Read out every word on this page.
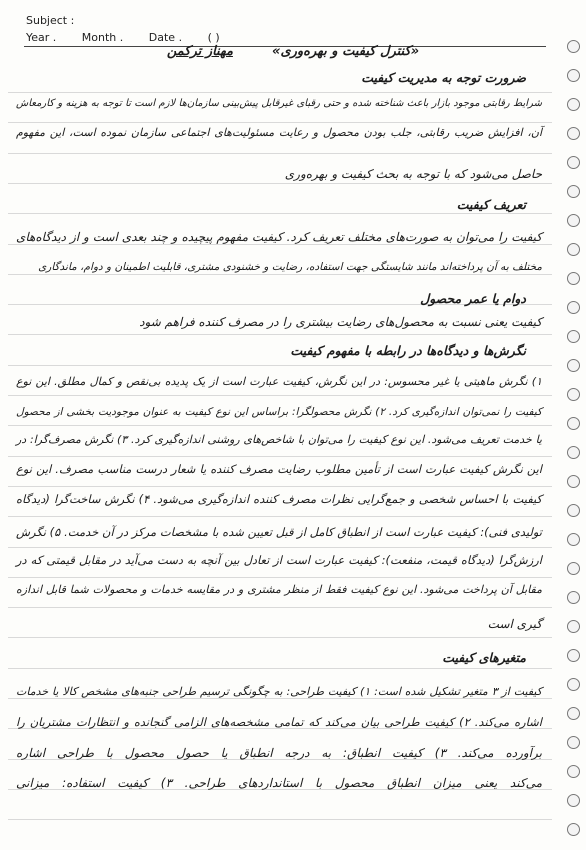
Subject :
Year . Month . Date . ( )
«کنترل کیفیت و بهره‌وری»  مهناز ترکمن
ضرورت توجه به مدیریت کیفیت
شرایط رقابتی موجود بازار باعث شناخته شده و حتی رقبای غیرقابل پیش‌بینی سازمان‌ها لازم است تا توجه به هزینه و کارمعاش
آن، افزایش ضریب رقابتی، جلب بودن محصول و رعایت مسئولیت‌های اجتماعی سازمان نموده است، این مفهوم
حاصل می‌شود که با توجه به بحث کیفیت و بهره‌وری
تعریف کیفیت
کیفیت را می‌توان به صورت‌های مختلف تعریف کرد. کیفیت مفهوم پیچیده و چند بعدی است و از دیدگاه‌های
مختلف به آن پرداخته‌اند مانند شایستگی جهت استفاده، رضایت و خشنودی مشتری، قابلیت اطمینان و دوام، ماندگاری
دوام یا عمر محصول
کیفیت یعنی نسبت به محصول‌های رضایت بیشتری را در مصرف کننده فراهم شود
نگرش‌ها و دیدگاه‌ها در رابطه با مفهوم کیفیت
۱) نگرش ماهیتی یا غیر محسوس: در این نگرش، کیفیت عبارت است از یک پدیده بی‌نقص و کمال مطلق. این نوع
کیفیت را نمی‌توان اندازه‌گیری کرد. ۲) نگرش محصولگرا: براساس این نوع کیفیت به عنوان موجودیت بخشی از محصول
یا خدمت تعریف می‌شود. این نوع کیفیت را می‌توان با شاخص‌های روشنی اندازه‌گیری کرد. ۳) نگرش مصرف‌گرا: در
این نگرش کیفیت عبارت است از تأمین مطلوب رضایت مصرف کننده یا شعار درست مناسب مصرف. این نوع
کیفیت با احساس شخصی و جمع‌گرایی نظرات مصرف کننده اندازه‌گیری می‌شود. ۴) نگرش ساخت‌گرا (دیدگاه
تولیدی فنی): کیفیت عبارت است از انطباق کامل از قبل تعیین شده با مشخصات مرکز در آن خدمت. ۵) نگرش
ارزش‌گرا (دیدگاه قیمت، منفعت): کیفیت عبارت است از تعادل بین آنچه به دست می‌آید در مقابل قیمتی که در
مقابل آن پرداخت می‌شود. این نوع کیفیت فقط از منظر مشتری و در مقایسه خدمات و محصولات شما قابل اندازه
گیری است
متغیرهای کیفیت
کیفیت از ۳ متغیر تشکیل شده است: ۱) کیفیت طراحی: به چگونگی ترسیم طراحی جنبه‌های مشخص کالا یا خدمات
اشاره می‌کند. ۲) کیفیت طراحی بیان می‌کند که تمامی مشخصه‌های الزامی گنجانده و انتظارات مشتریان را
برآورده می‌کند. ۳) کیفیت انطباق: به درجه انطباق یا حصول محصول با طراحی اشاره
می‌کند یعنی میزان انطباق محصول با استانداردهای طراحی. ۳) کیفیت استفاده: میزانی
